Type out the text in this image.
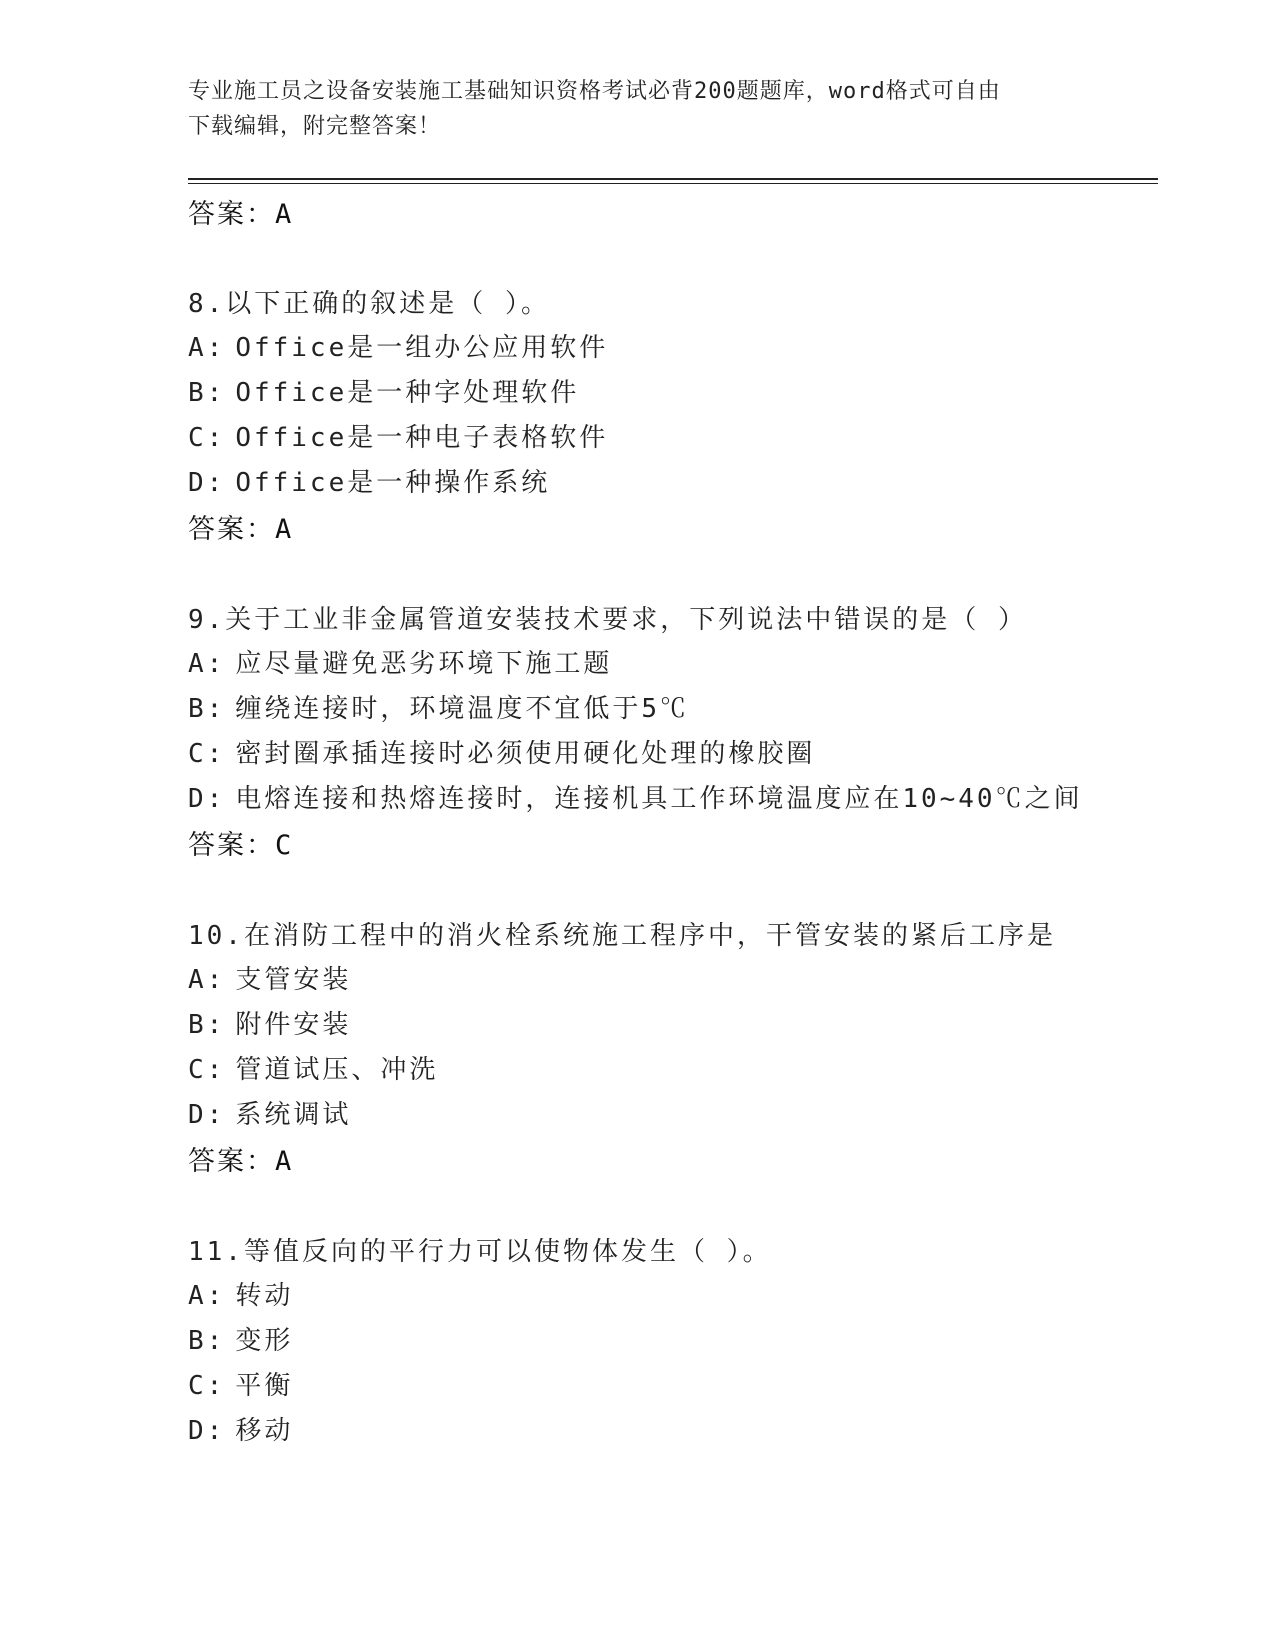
专业施工员之设备安装施工基础知识资格考试必背200题题库，word格式可自由
下载编辑，附完整答案！
答案：A
8.以下正确的叙述是（ ）。
A: Office是一组办公应用软件
B: Office是一种字处理软件
C: Office是一种电子表格软件
D: Office是一种操作系统
答案：A
9.关于工业非金属管道安装技术要求，下列说法中错误的是（ ）
A: 应尽量避免恶劣环境下施工题
B: 缠绕连接时，环境温度不宜低于5℃
C: 密封圈承插连接时必须使用硬化处理的橡胶圈
D: 电熔连接和热熔连接时，连接机具工作环境温度应在10~40℃之间
答案：C
10.在消防工程中的消火栓系统施工程序中，干管安装的紧后工序是
A: 支管安装
B: 附件安装
C: 管道试压、冲洗
D: 系统调试
答案：A
11.等值反向的平行力可以使物体发生（ ）。
A: 转动
B: 变形
C: 平衡
D: 移动
